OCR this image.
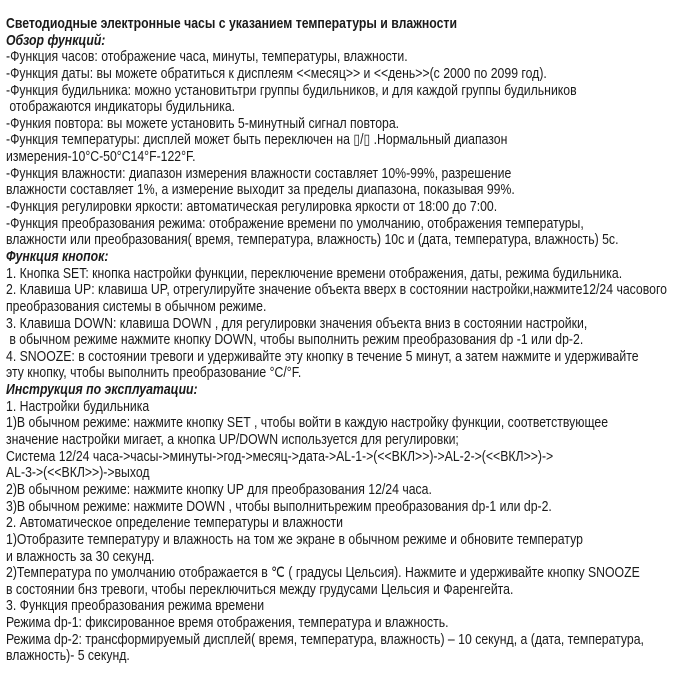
Светодиодные электронные часы с указанием температуры и влажности
Обзор функций:
-Функция часов: отображение часа, минуты, температуры, влажности.
-Функция даты: вы можете обратиться к дисплеям <<месяц>> и <<день>>(с 2000 по 2099 год).
-Функция будильника: можно установитьтри группы будильников, и для каждой группы будильников
отображаются индикаторы будильника.
-Функия повтора: вы можете установить 5-минутный сигнал повтора.
-Функция температуры: дисплей может быть переключен на ▯/▯ .Нормальный диапазон
измерения-10°C-50°C14°F-122°F.
-Функция влажности: диапазон измерения влажности составляет 10%-99%, разрешение
влажности составляет 1%, а измерение выходит за пределы диапазона, показывая 99%.
-Функция регулировки яркости: автоматическая регулировка яркости от 18:00 до 7:00.
-Функция преобразования режима: отображение времени по умолчанию, отображения температуры,
влажности или преобразования( время, температура, влажность) 10с и (дата, температура, влажность) 5с.
Функция кнопок:
1. Кнопка SET: кнопка настройки функции, переключение времени отображения, даты, режима будильника.
2. Клавиша UP: клавиша UP, отрегулируйте значение объекта вверх в состоянии настройки,нажмите12/24 часового
преобразования системы в обычном режиме.
3. Клавиша DOWN: клавиша DOWN , для регулировки значения объекта вниз в состоянии настройки,
в обычном режиме нажмите кнопку DOWN, чтобы выполнить режим преобразования dp -1 или dp-2.
4. SNOOZE: в состоянии тревоги и удерживайте эту кнопку в течение 5 минут, а затем нажмите и удерживайте
эту кнопку, чтобы выполнить преобразование °C/°F.
Инструкция по эксплуатации:
1. Настройки будильника
1)В обычном режиме: нажмите кнопку SET , чтобы войти в каждую настройку функции, соответствующее
значение настройки мигает, а кнопка UP/DOWN используется для регулировки;
Система 12/24 часа->часы->минуты->год->месяц->дата->AL-1->(<<ВКЛ>>)->AL-2->(<<ВКЛ>>)->
AL-3->(<<ВКЛ>>)->выход
2)В обычном режиме: нажмите кнопку UP для преобразования 12/24 часа.
3)В обычном режиме: нажмите DOWN , чтобы выполнитьрежим преобразования dp-1 или dp-2.
2. Автоматическое определение температуры и влажности
1)Отобразите температуру и влажность на том же экране в обычном режиме и обновите температур
и влажность за 30 секунд.
2)Температура по умолчанию отображается в ℃ ( градусы Цельсия). Нажмите и удерживайте кнопку SNOOZE
в состоянии бнз тревоги, чтобы переключиться между грудусами Цельсия и Фаренгейта.
3. Функция преобразования режима времени
Режима dp-1: фиксированное время отображения, температура и влажность.
Режима dp-2: трансформируемый дисплей( время, температура, влажность) – 10 секунд, а (дата, температура,
влажность)- 5 секунд.
